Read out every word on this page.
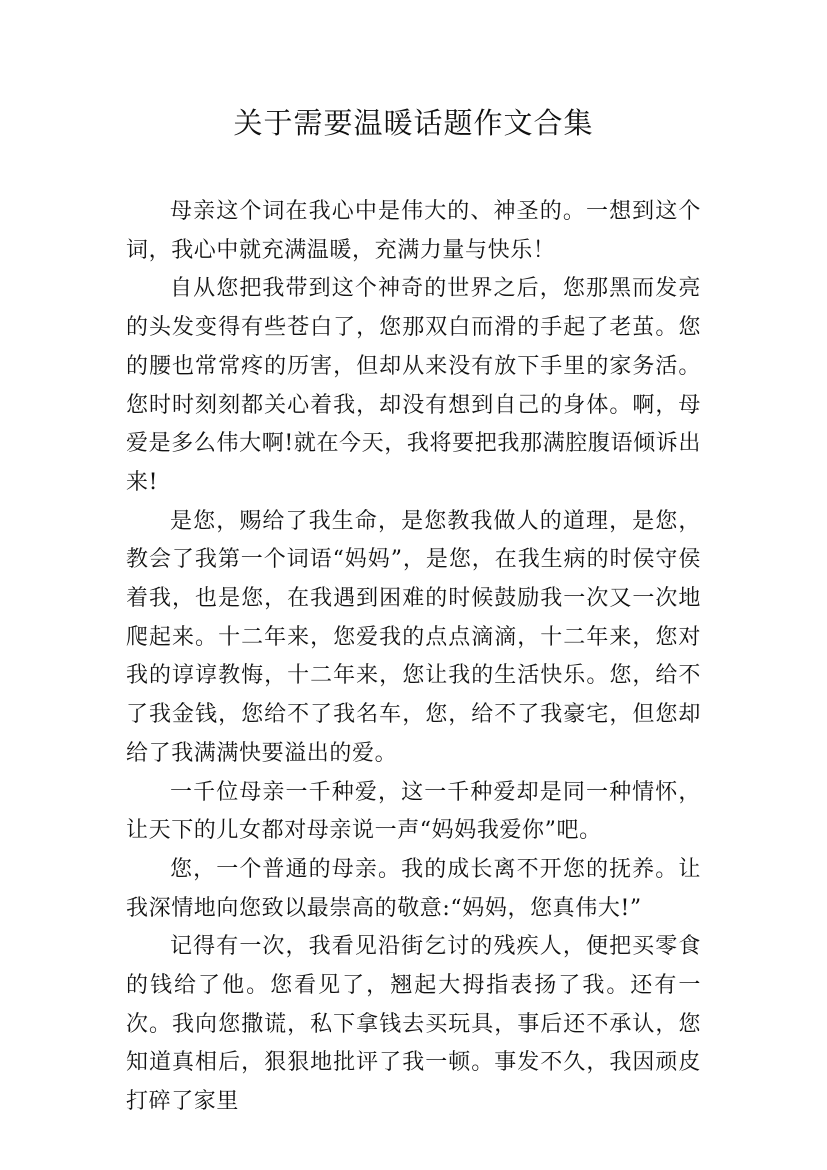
关于需要温暖话题作文合集

母亲这个词在我心中是伟大的、神圣的。一想到这个词，我心中就充满温暖，充满力量与快乐！

自从您把我带到这个神奇的世界之后，您那黑而发亮的头发变得有些苍白了，您那双白而滑的手起了老茧。您的腰也常常疼的历害，但却从来没有放下手里的家务活。您时时刻刻都关心着我，却没有想到自己的身体。啊，母爱是多么伟大啊!就在今天，我将要把我那满腔腹语倾诉出来!

是您，赐给了我生命，是您教我做人的道理，是您，教会了我第一个词语“妈妈”，是您，在我生病的时侯守侯着我，也是您，在我遇到困难的时候鼓励我一次又一次地爬起来。十二年来，您爱我的点点滴滴，十二年来，您对我的谆谆教悔，十二年来，您让我的生活快乐。您，给不了我金钱，您给不了我名车，您，给不了我豪宅，但您却给了我满满快要溢出的爱。

一千位母亲一千种爱，这一千种爱却是同一种情怀，让天下的儿女都对母亲说一声“妈妈我爱你”吧。

您，一个普通的母亲。我的成长离不开您的抚养。让我深情地向您致以最崇高的敬意:“妈妈，您真伟大!”

记得有一次，我看见沿街乞讨的残疾人，便把买零食的钱给了他。您看见了，翘起大拇指表扬了我。还有一次。我向您撒谎，私下拿钱去买玩具，事后还不承认，您知道真相后，狠狠地批评了我一顿。事发不久，我因顽皮打碎了家里
